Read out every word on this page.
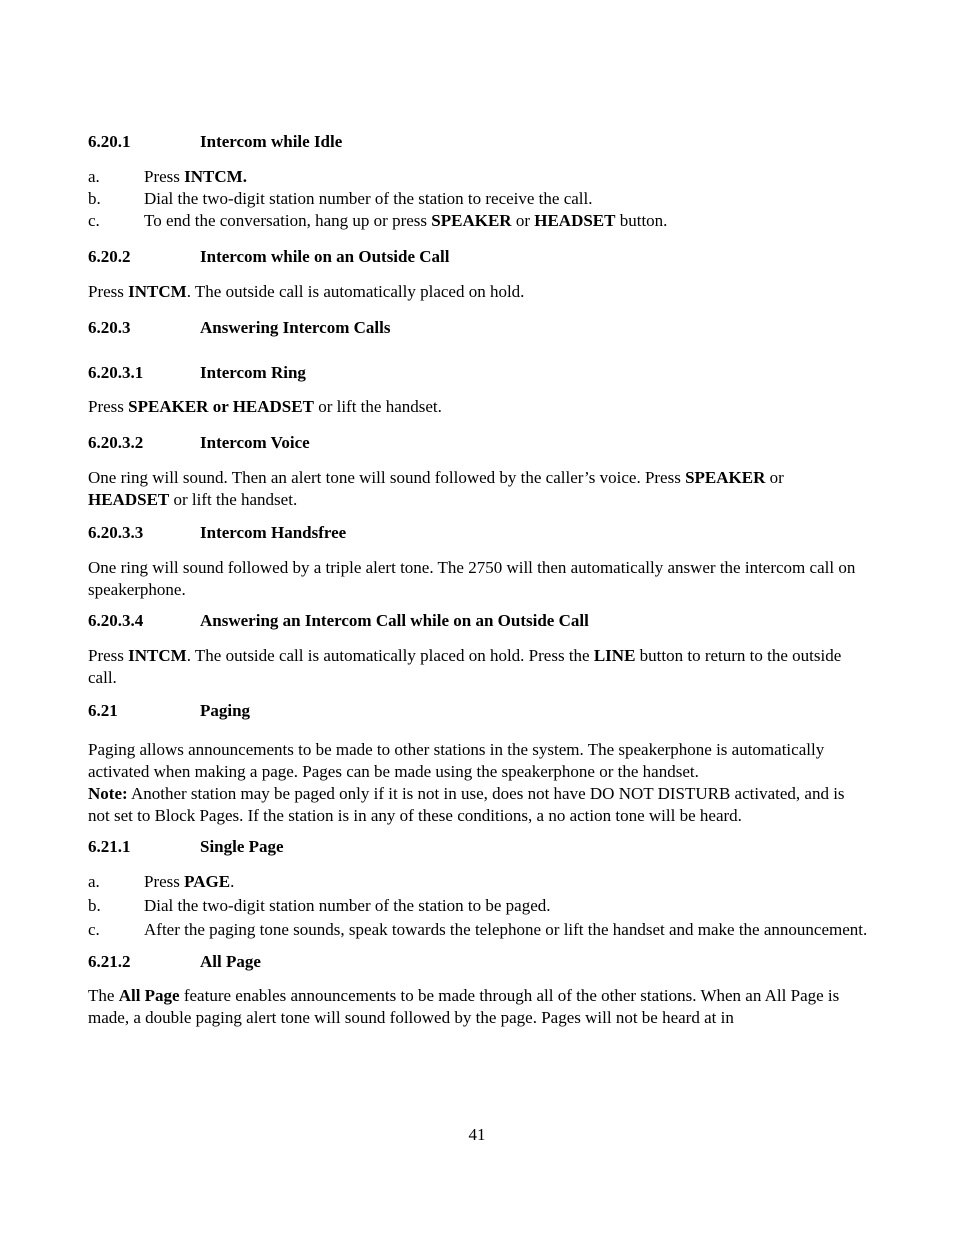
6.20.1	Intercom while Idle
a.	Press INTCM.
b.	Dial the two-digit station number of the station to receive the call.
c.	To end the conversation, hang up or press SPEAKER or HEADSET button.
6.20.2	Intercom while on an Outside Call

Press INTCM. The outside call is automatically placed on hold.

6.20.3	Answering Intercom Calls
6.20.3.1	Intercom Ring

Press SPEAKER or HEADSET or lift the handset.

6.20.3.2	Intercom Voice

One ring will sound. Then an alert tone will sound followed by the caller’s voice. Press SPEAKER or HEADSET or lift the handset.

6.20.3.3	Intercom Handsfree

One ring will sound followed by a triple alert tone. The 2750 will then automatically answer the intercom call on speakerphone.

6.20.3.4	Answering an Intercom Call while on an Outside Call

Press INTCM. The outside call is automatically placed on hold. Press the LINE button to return to the outside call.

6.21	Paging

Paging allows announcements to be made to other stations in the system. The speakerphone is automatically activated when making a page. Pages can be made using the speakerphone or the handset.

Note: Another station may be paged only if it is not in use, does not have DO NOT DISTURB activated, and is not set to Block Pages. If the station is in any of these conditions, a no action tone will be heard.

6.21.1	Single Page
a.	Press PAGE.
b.	Dial the two-digit station number of the station to be paged.
c.	After the paging tone sounds, speak towards the telephone or lift the handset and make the announcement.
6.21.2	All Page

The All Page feature enables announcements to be made through all of the other stations. When an All Page is made, a double paging alert tone will sound followed by the page. Pages will not be heard at in

41
